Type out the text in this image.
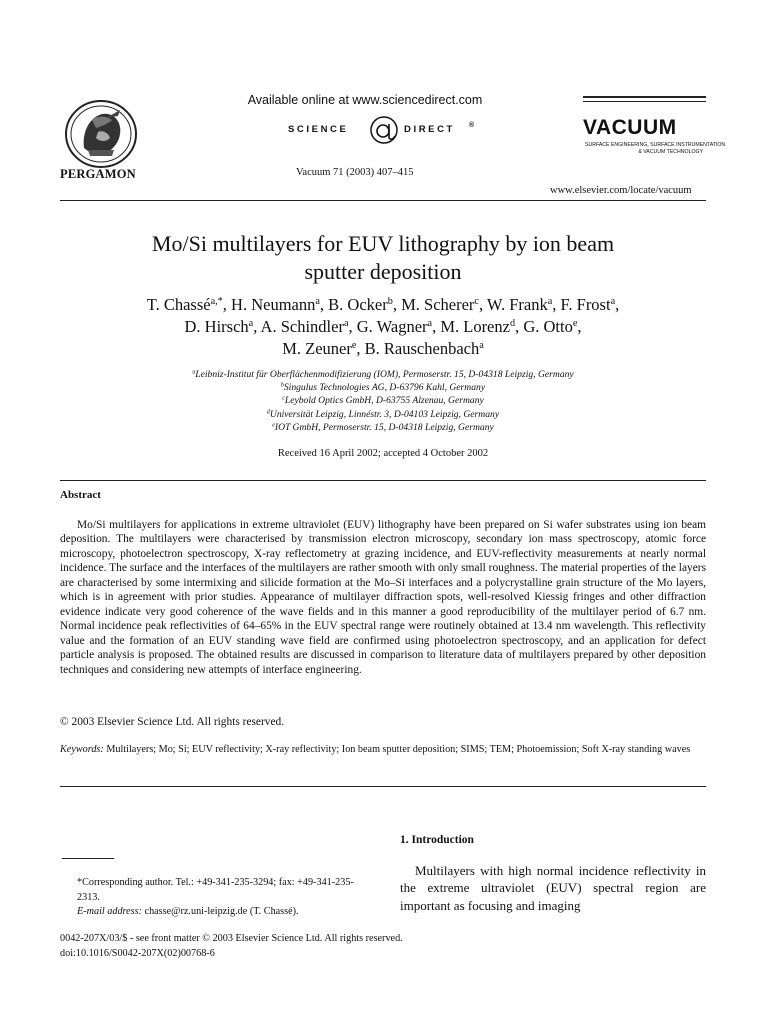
PERGAMON
Available online at www.sciencedirect.com
SCIENCE	DIRECT ®
Vacuum 71 (2003) 407–415
VACUUM
SURFACE ENGINEERING, SURFACE INSTRUMENTATION
& VACUUM TECHNOLOGY
www.elsevier.com/locate/vacuum
Mo/Si multilayers for EUV lithography by ion beam
sputter deposition
T. Chassé$^{a,*}$, H. Neumann$^a$, B. Ocker$^b$, M. Scherer$^c$, W. Frank$^a$, F. Frost$^a$,
D. Hirsch$^a$, A. Schindler$^a$, G. Wagner$^a$, M. Lorenz$^d$, G. Otto$^e$,
M. Zeuner$^e$, B. Rauschenbach$^a$
$^a$Leibniz-Institut für Oberflächenmodifizierung (IOM), Permoserstr. 15, D-04318 Leipzig, Germany
$^b$Singulus Technologies AG, D-63796 Kahl, Germany
$^c$Leybold Optics GmbH, D-63755 Alzenau, Germany
$^d$Universität Leipzig, Linnéstr. 3, D-04103 Leipzig, Germany
$^e$IOT GmbH, Permoserstr. 15, D-04318 Leipzig, Germany
Received 16 April 2002; accepted 4 October 2002
Abstract
Mo/Si multilayers for applications in extreme ultraviolet (EUV) lithography have been prepared on Si wafer substrates using ion beam deposition. The multilayers were characterised by transmission electron microscopy, secondary ion mass spectroscopy, atomic force microscopy, photoelectron spectroscopy, X-ray reflectometry at grazing incidence, and EUV-reflectivity measurements at nearly normal incidence. The surface and the interfaces of the multilayers are rather smooth with only small roughness. The material properties of the layers are characterised by some intermixing and silicide formation at the Mo–Si interfaces and a polycrystalline grain structure of the Mo layers, which is in agreement with prior studies. Appearance of multilayer diffraction spots, well-resolved Kiessig fringes and other diffraction evidence indicate very good coherence of the wave fields and in this manner a good reproducibility of the multilayer period of 6.7 nm. Normal incidence peak reflectivities of 64–65% in the EUV spectral range were routinely obtained at 13.4 nm wavelength. This reflectivity value and the formation of an EUV standing wave field are confirmed using photoelectron spectroscopy, and an application for defect particle analysis is proposed. The obtained results are discussed in comparison to literature data of multilayers prepared by other deposition techniques and considering new attempts of interface engineering.
© 2003 Elsevier Science Ltd. All rights reserved.
Keywords: Multilayers; Mo; Si; EUV reflectivity; X-ray reflectivity; Ion beam sputter deposition; SIMS; TEM; Photoemission; Soft X-ray standing waves
1. Introduction
Multilayers with high normal incidence reflectivity in the extreme ultraviolet (EUV) spectral region are important as focusing and imaging
*Corresponding author. Tel.: +49-341-235-3294; fax: +49-341-235-2313.
E-mail address: chasse@rz.uni-leipzig.de (T. Chassé).
0042-207X/03/$ - see front matter © 2003 Elsevier Science Ltd. All rights reserved.
doi:10.1016/S0042-207X(02)00768-6
